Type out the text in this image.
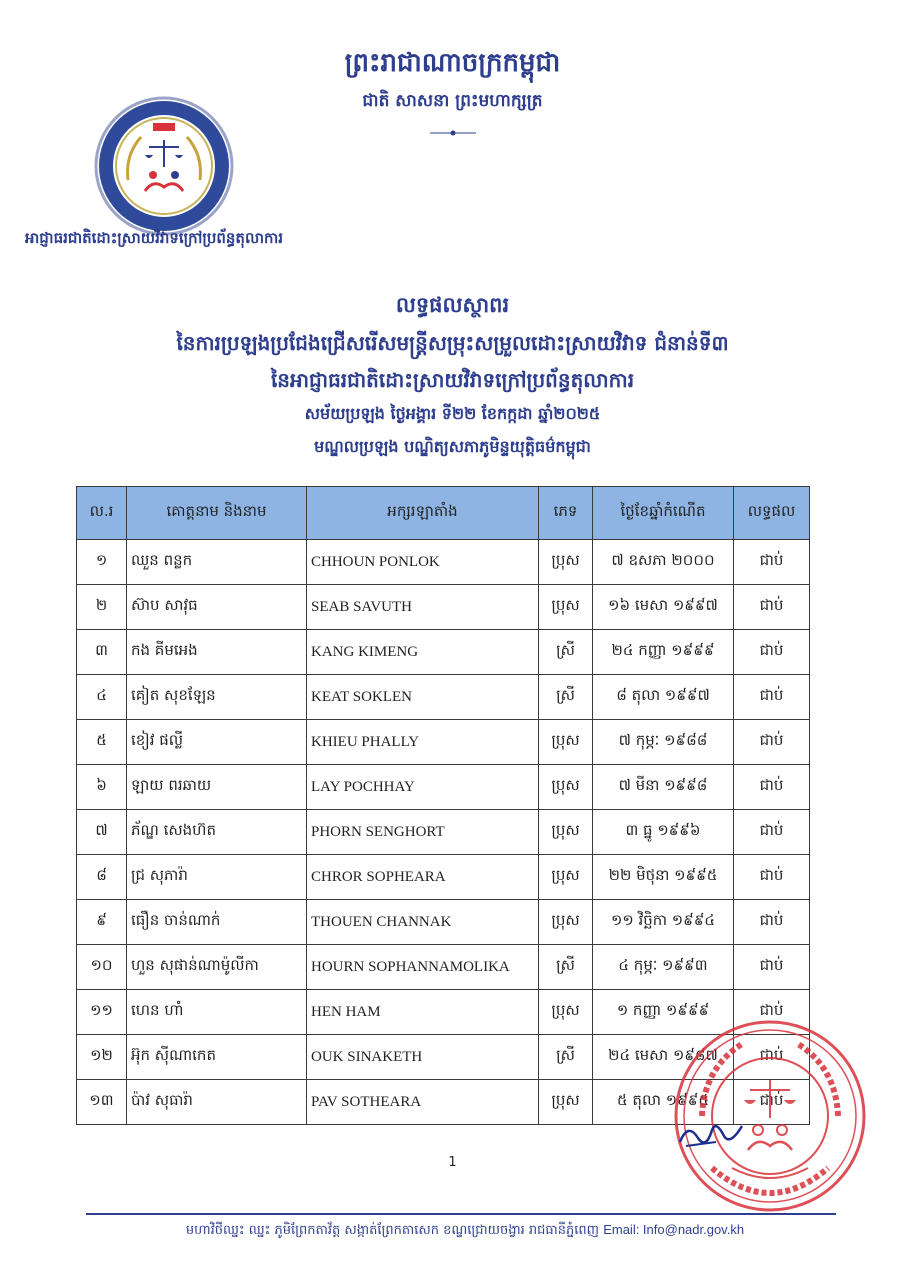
ព្រះរាជាណាចក្រកម្ពុជា
ជាតិ សាសនា ព្រះមហាក្សត្រ
អាជ្ញាធរជាតិដោះស្រាយវិវាទក្រៅប្រព័ន្ធតុលាការ
លទ្ធផលស្ថាពរ
នៃការប្រឡងប្រជែងជ្រើសរើសមន្ត្រីសម្រុះសម្រួលដោះស្រាយវិវាទ ជំនាន់ទី៣
នៃអាជ្ញាធរជាតិដោះស្រាយវិវាទក្រៅប្រព័ន្ធតុលាការ
សម័យប្រឡង ថ្ងៃអង្គារ ទី២២ ខែកក្កដា ឆ្នាំ២០២៥
មណ្ឌលប្រឡង បណ្ឌិត្យសភាភូមិន្ទយុត្តិធម៌កម្ពុជា
ល.រ	គោត្តនាម និងនាម	អក្សរឡាតាំង	ភេទ	ថ្ងៃខែឆ្នាំកំណើត	លទ្ធផល
១	ឈួន ពន្លក	CHHOUN PONLOK	ប្រុស	៧ ឧសភា ២០០០	ជាប់
២	ស៊ាប សាវុធ	SEAB SAVUTH	ប្រុស	១៦ មេសា ១៩៩៧	ជាប់
៣	កង គីមអេង	KANG KIMENG	ស្រី	២៤ កញ្ញា ១៩៩៩	ជាប់
៤	គៀត សុខឡែន	KEAT SOKLEN	ស្រី	៨ តុលា ១៩៩៧	ជាប់
៥	ខៀវ ផល្លី	KHIEU PHALLY	ប្រុស	៧ កុម្ភៈ ១៩៨៨	ជាប់
៦	ឡាយ ពរឆាយ	LAY POCHHAY	ប្រុស	៧ មីនា ១៩៩៨	ជាប់
៧	ភ័ណ្ឌ សេងហ៊ត	PHORN SENGHORT	ប្រុស	៣ ធ្នូ ១៩៩៦	ជាប់
៨	ជ្រ សុភារ៉ា	CHROR SOPHEARA	ប្រុស	២២ មិថុនា ១៩៩៥	ជាប់
៩	ធឿន ចាន់ណាក់	THOUEN CHANNAK	ប្រុស	១១ វិច្ឆិកា ១៩៩៤	ជាប់
១០	ហួន សុផាន់ណាម៉ូលីកា	HOURN SOPHANNAMOLIKA	ស្រី	៤ កុម្ភៈ ១៩៩៣	ជាប់
១១	ហេន ហាំ	HEN HAM	ប្រុស	១ កញ្ញា ១៩៩៩	ជាប់
១២	អ៊ុក ស៊ីណាកេត	OUK SINAKETH	ស្រី	២៤ មេសា ១៩៨៧	ជាប់
១៣	ប៉ាវ សុធារ៉ា	PAV SOTHEARA	ប្រុស	៥ តុលា ១៩៩៥	ជាប់
1
មហាវិថីឈ្នះ ឈ្នះ ភូមិព្រែកតាវ័ត្ត សង្កាត់ព្រែកតាសេក ខណ្ឌជ្រោយចង្វារ រាជធានីភ្នំពេញ Email: Info@nadr.gov.kh
